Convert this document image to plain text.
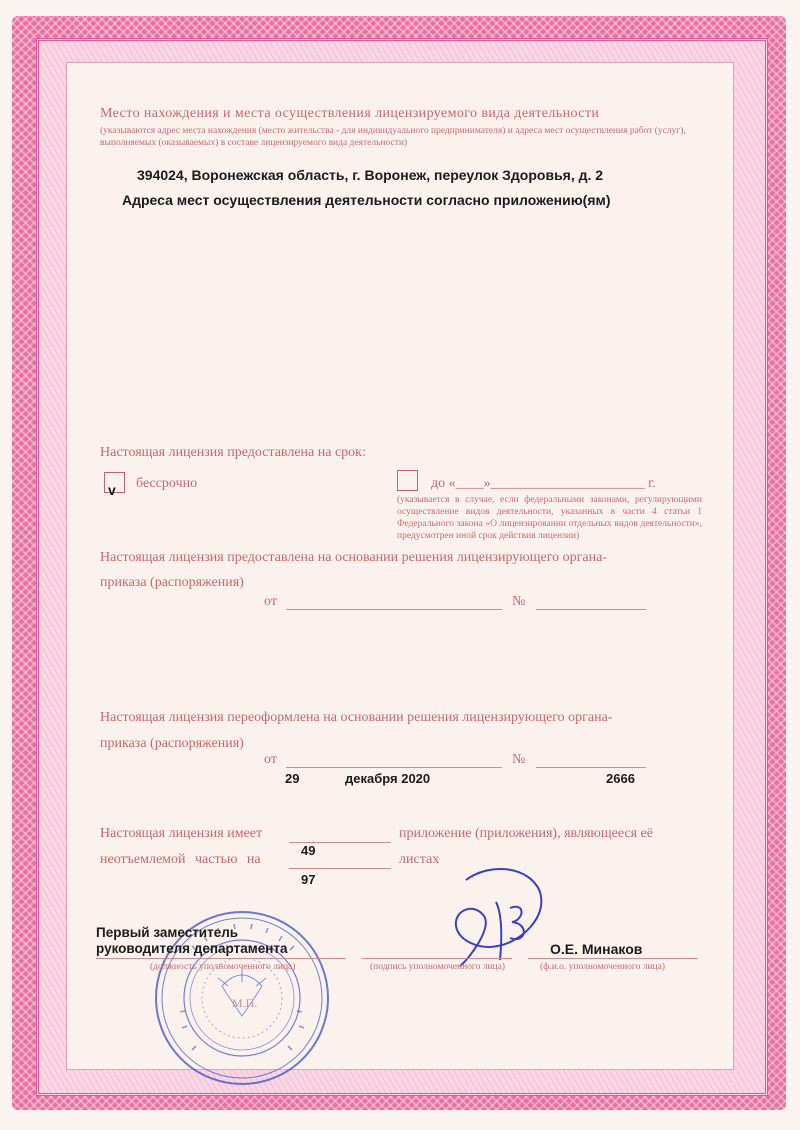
Место нахождения и места осуществления лицензируемого вида деятельности

(указываются адрес места нахождения (место жительства - для индивидуального предпринимателя) и адреса мест осуществления работ (услуг),

выполняемых (оказываемых) в составе лицензируемого вида деятельности)

394024, Воронежская область, г. Воронеж, переулок Здоровья, д. 2

Адреса мест осуществления деятельности согласно приложению(ям)

Настоящая лицензия предоставлена на срок:

v бессрочно	до «____»______________________ г.

(указывается в случае, если федеральными законами, регулирующими осуществление видов деятельности, указанных в части 4 статьи 1 Федерального закона «О лицензировании отдельных видов деятельности», предусмотрен иной срок действия лицензии)

Настоящая лицензия предоставлена на основании решения лицензирующего органа-

приказа (распоряжения)

от	№

Настоящая лицензия переоформлена на основании решения лицензирующего органа-

приказа (распоряжения)

от	№

29	декабря 2020	2666

Настоящая лицензия имеет	приложение (приложения), являющееся её

49

неотъемлемой частью на	листах

97

М.П.

Первый заместитель

руководителя департамента

(должность уполномоченного лица)	(подпись уполномоченного лица)

О.Е. Минаков

(ф.и.о. уполномоченного лица)
